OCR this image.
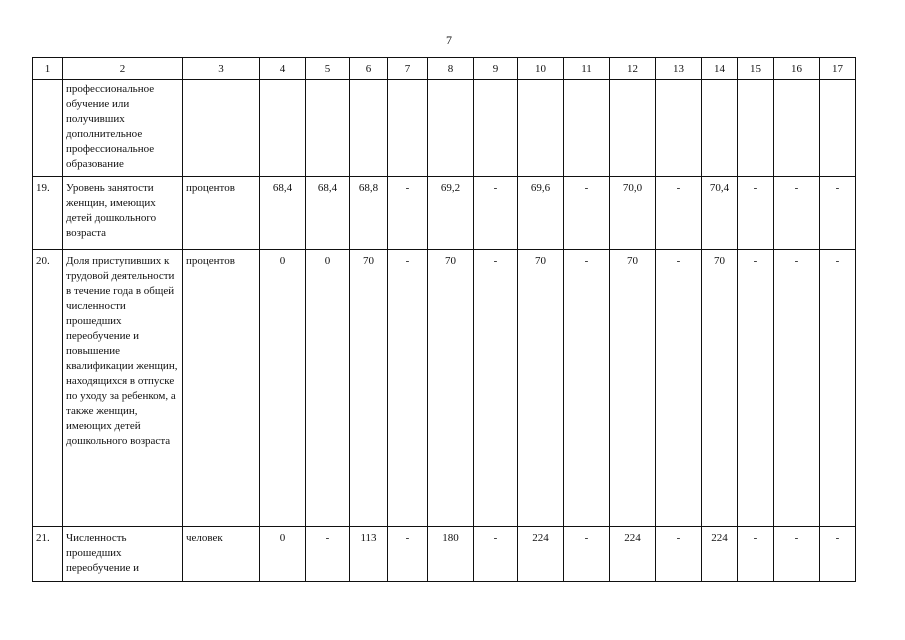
7
1	2	3	4	5	6	7	8	9	10	11	12	13	14	15	16	17
	профессиональное обучение или получивших дополнительное профессиональное образование															
19.	Уровень занятости женщин, имеющих детей дошкольного возраста	процентов	68,4	68,4	68,8	-	69,2	-	69,6	-	70,0	-	70,4	-	-	-
20.	Доля приступивших к трудовой деятельности в течение года в общей численности прошедших переобучение и повышение квалификации женщин, находящихся в отпуске по уходу за ребенком, а также женщин, имеющих детей дошкольного возраста	процентов	0	0	70	-	70	-	70	-	70	-	70	-	-	-
21.	Численность прошедших переобучение и	человек	0	-	113	-	180	-	224	-	224	-	224	-	-	-
